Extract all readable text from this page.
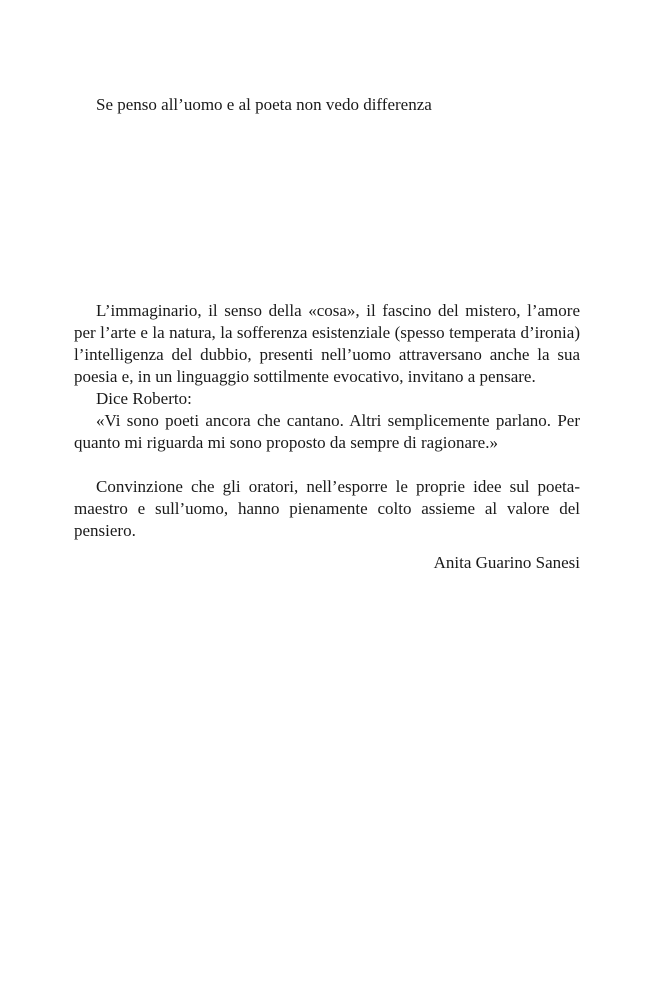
Se penso all’uomo e al poeta non vedo differenza

L’immaginario, il senso della «cosa», il fascino del mistero, l’amore per l’arte e la natura, la sofferenza esistenziale (spesso temperata d’ironia) l’intelligenza del dubbio, presenti nell’uomo attraversano anche la sua poesia e, in un linguaggio sottilmente evocativo, invitano a pensare.

Dice Roberto:

«Vi sono poeti ancora che cantano. Altri semplicemente parlano. Per quanto mi riguarda mi sono proposto da sempre di ragionare.»

Convinzione che gli oratori, nell’esporre le proprie idee sul poeta-maestro e sull’uomo, hanno pienamente colto assieme al valore del pensiero.

Anita Guarino Sanesi
